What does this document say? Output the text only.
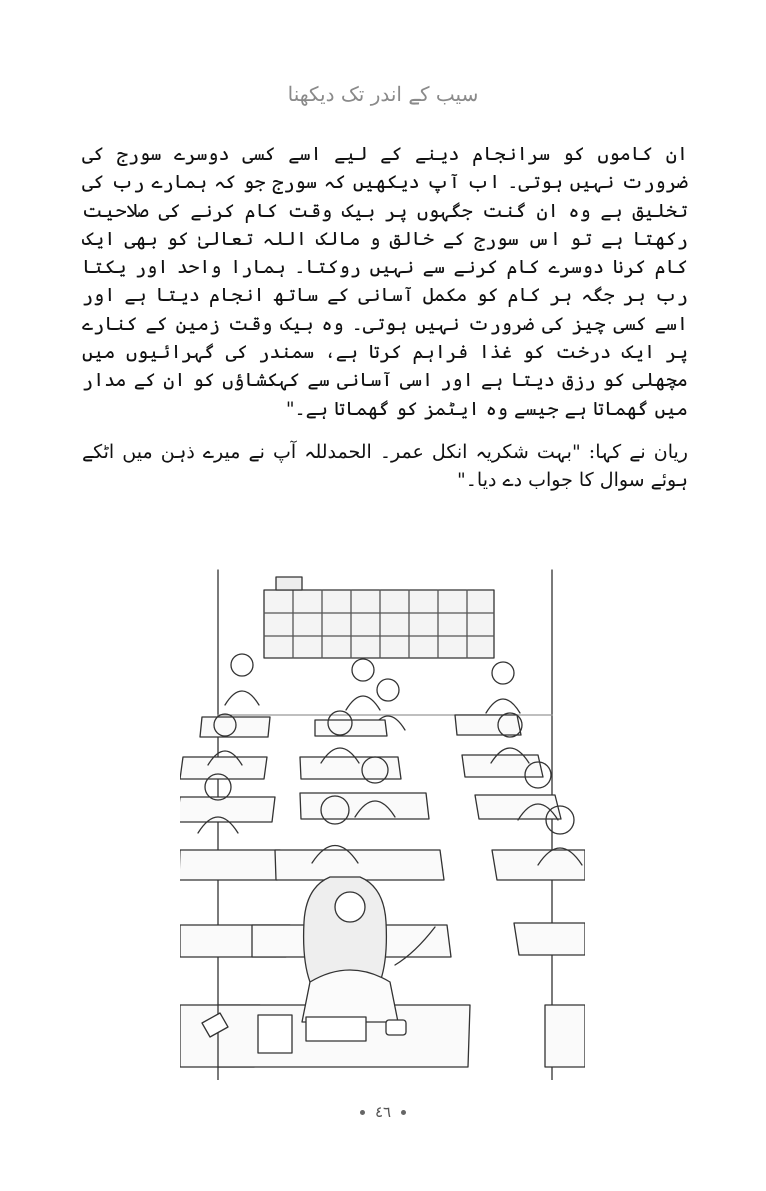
سیب کے اندر تک دیکھنا

ان کاموں کو سرانجام دینے کے لیے اسے کسی دوسرے سورج کی ضرورت نہیں ہوتی۔ اب آپ دیکھیں کہ سورج جو کہ ہمارے رب کی تخلیق ہے وہ ان گنت جگہوں پر بیک وقت کام کرنے کی صلاحیت رکھتا ہے تو اس سورج کے خالق و مالک اللہ تعالیٰ کو بھی ایک کام کرنا دوسرے کام کرنے سے نہیں روکتا۔ ہمارا واحد اور یکتا رب ہر جگہ ہر کام کو مکمل آسانی کے ساتھ انجام دیتا ہے اور اسے کسی چیز کی ضرورت نہیں ہوتی۔ وہ بیک وقت زمین کے کنارے پر ایک درخت کو غذا فراہم کرتا ہے، سمندر کی گہرائیوں میں مچھلی کو رزق دیتا ہے اور اسی آسانی سے کہکشاؤں کو ان کے مدار میں گھماتا ہے جیسے وہ ایٹمز کو گھماتا ہے۔"

ریان نے کہا: "بہت شکریہ انکل عمر۔ الحمدللہ آپ نے میرے ذہن میں اٹکے ہوئے سوال کا جواب دے دیا۔"

٤٦
